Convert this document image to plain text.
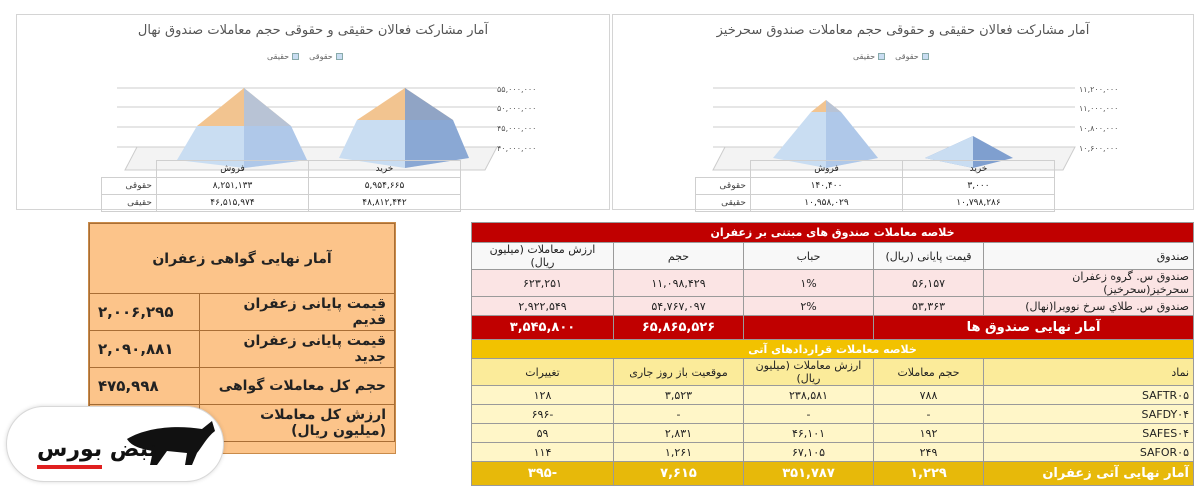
آمار مشارکت فعالان حقیقی و حقوقی حجم معاملات صندوق نهال
حقوقی
حقیقی
۵۵,۰۰۰,۰۰۰
۵۰,۰۰۰,۰۰۰
۴۵,۰۰۰,۰۰۰
۴۰,۰۰۰,۰۰۰
خرید	فروش	
۵,۹۵۴,۶۶۵	۸,۲۵۱,۱۳۳	حقوقی
۴۸,۸۱۲,۴۴۲	۴۶,۵۱۵,۹۷۴	حقیقی
آمار مشارکت فعالان حقیقی و حقوقی حجم معاملات صندوق سحرخیز
حقوقی
حقیقی
۱۱,۲۰۰,۰۰۰
۱۱,۰۰۰,۰۰۰
۱۰,۸۰۰,۰۰۰
۱۰,۶۰۰,۰۰۰
خرید	فروش	
۳,۰۰۰	۱۴۰,۴۰۰	حقوقی
۱۰,۷۹۸,۲۸۶	۱۰,۹۵۸,۰۲۹	حقیقی
آمار نهایی گواهی زعفران	
قیمت پایانی زعفران قدیم	۲,۰۰۶,۲۹۵
قیمت پایانی زعفران جدید	۲,۰۹۰,۸۸۱
حجم کل معاملات گواهی	۴۷۵,۹۹۸
ارزش کل معاملات (میلیون ریال)	
خلاصه معاملات صندوق های مبتنی بر زعفران				
صندوق	قیمت پایانی (ریال)	حباب	حجم	ارزش معاملات (میلیون ریال)
صندوق س. گروه زعفران سحرخیز(سحرخیز)	۵۶,۱۵۷	۱%	۱۱,۰۹۸,۴۲۹	۶۲۳,۲۵۱
صندوق س. طلاي سرخ نوويرا(نهال)	۵۳,۳۶۳	۲%	۵۴,۷۶۷,۰۹۷	۲,۹۲۲,۵۴۹
آمار نهایی صندوق ها			۶۵,۸۶۵,۵۲۶	۳,۵۴۵,۸۰۰
خلاصه معاملات قراردادهای آتی				
نماد	حجم معاملات	ارزش معاملات (میلیون ریال)	موقعیت باز روز جاری	تغییرات
SAFTR۰۵	۷۸۸	۲۳۸,۵۸۱	۳,۵۲۳	۱۲۸
SAFDY۰۴	-	-	-	-۶۹۶
SAFES۰۴	۱۹۲	۴۶,۱۰۱	۲,۸۳۱	۵۹
SAFOR۰۵	۲۴۹	۶۷,۱۰۵	۱,۲۶۱	۱۱۴
آمار نهایی آتی زعفران	۱,۲۲۹	۳۵۱,۷۸۷	۷,۶۱۵	-۳۹۵
نبض بورس
